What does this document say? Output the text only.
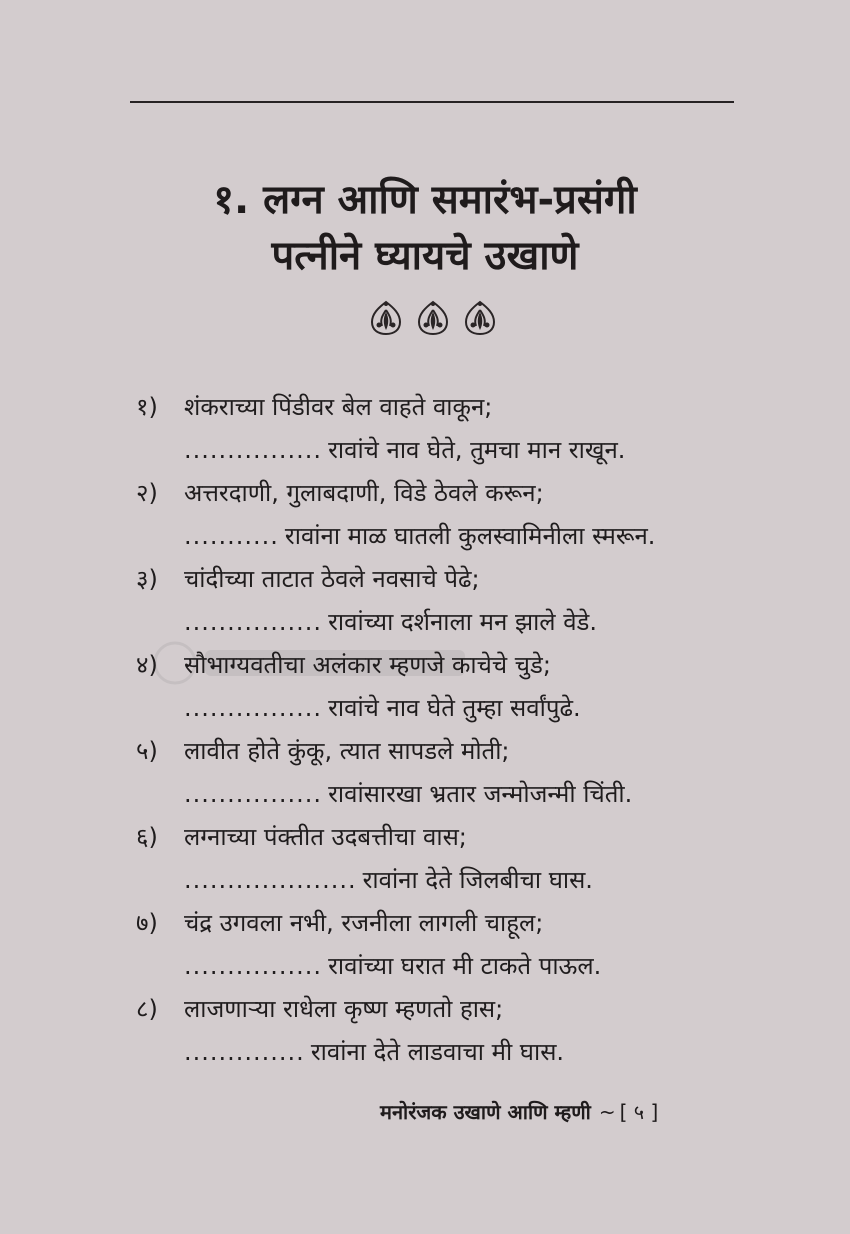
१. लग्न आणि समारंभ-प्रसंगी
पत्नीने घ्यायचे उखाणे
१) शंकराच्या पिंडीवर बेल वाहते वाकून;
................ रावांचे नाव घेते, तुमचा मान राखून.
२) अत्तरदाणी, गुलाबदाणी, विडे ठेवले करून;
........... रावांना माळ घातली कुलस्वामिनीला स्मरून.
३) चांदीच्या ताटात ठेवले नवसाचे पेढे;
................ रावांच्या दर्शनाला मन झाले वेडे.
४) सौभाग्यवतीचा अलंकार म्हणजे काचेचे चुडे;
................ रावांचे नाव घेते तुम्हा सर्वांपुढे.
५) लावीत होते कुंकू, त्यात सापडले मोती;
................ रावांसारखा भ्रतार जन्मोजन्मी चिंती.
६) लग्नाच्या पंक्तीत उदबत्तीचा वास;
.................... रावांना देते जिलबीचा घास.
७) चंद्र उगवला नभी, रजनीला लागली चाहूल;
................ रावांच्या घरात मी टाकते पाऊल.
८) लाजणाऱ्या राधेला कृष्ण म्हणतो हास;
.............. रावांना देते लाडवाचा मी घास.
मनोरंजक उखाणे आणि म्हणी ~ [ ५ ]
